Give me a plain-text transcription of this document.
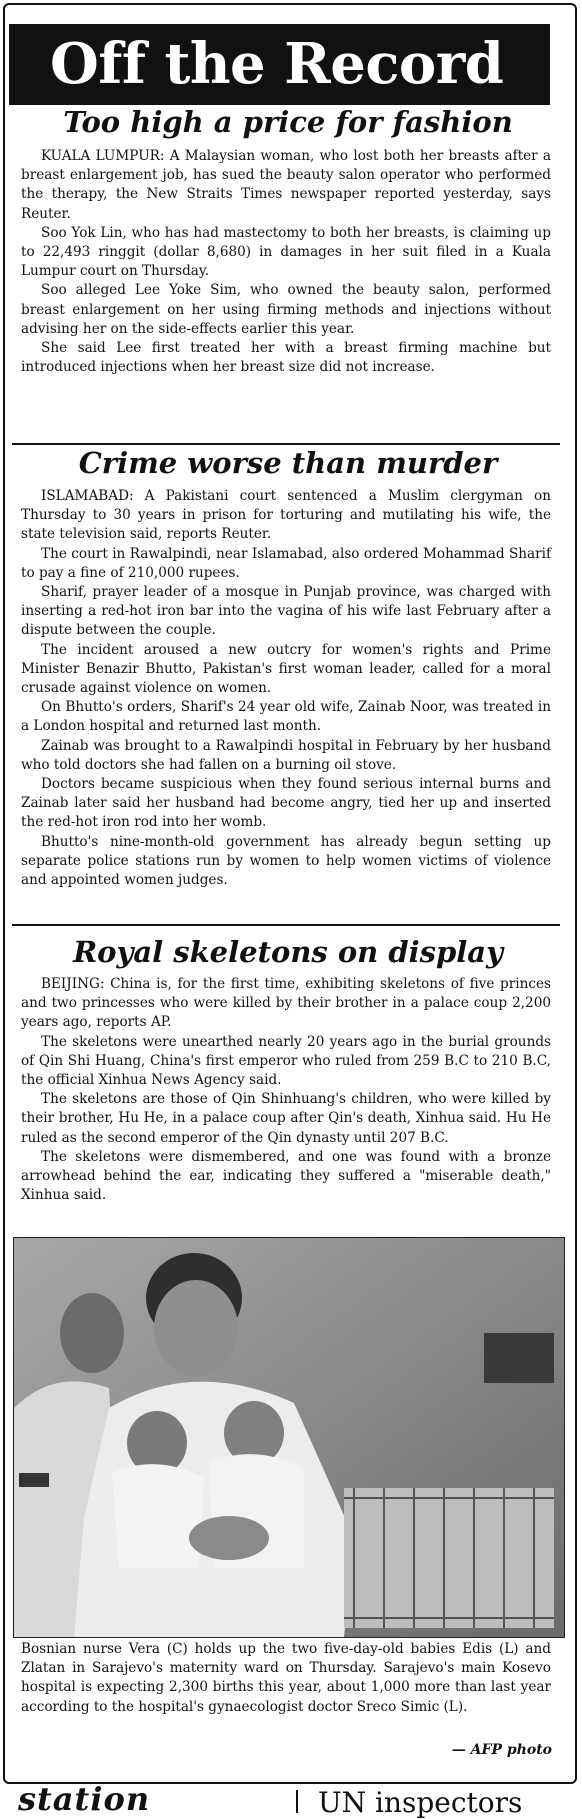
Off the Record
Too high a price for fashion

KUALA LUMPUR: A Malaysian woman, who lost both her breasts after a breast enlargement job, has sued the beauty salon operator who performed the therapy, the New Straits Times newspaper reported yesterday, says Reuter.

Soo Yok Lin, who has had mastectomy to both her breasts, is claiming up to 22,493 ringgit (dollar 8,680) in damages in her suit filed in a Kuala Lumpur court on Thursday.

Soo alleged Lee Yoke Sim, who owned the beauty salon, performed breast enlargement on her using firming methods and injections without advising her on the side-effects earlier this year.

She said Lee first treated her with a breast firming machine but introduced injections when her breast size did not increase.

Crime worse than murder

ISLAMABAD: A Pakistani court sentenced a Muslim clergyman on Thursday to 30 years in prison for torturing and mutilating his wife, the state television said, reports Reuter.

The court in Rawalpindi, near Islamabad, also ordered Mohammad Sharif to pay a fine of 210,000 rupees.

Sharif, prayer leader of a mosque in Punjab province, was charged with inserting a red-hot iron bar into the vagina of his wife last February after a dispute between the couple.

The incident aroused a new outcry for women's rights and Prime Minister Benazir Bhutto, Pakistan's first woman leader, called for a moral crusade against violence on women.

On Bhutto's orders, Sharif's 24 year old wife, Zainab Noor, was treated in a London hospital and returned last month.

Zainab was brought to a Rawalpindi hospital in February by her husband who told doctors she had fallen on a burning oil stove.

Doctors became suspicious when they found serious internal burns and Zainab later said her husband had become angry, tied her up and inserted the red-hot iron rod into her womb.

Bhutto's nine-month-old government has already begun setting up separate police stations run by women to help women victims of violence and appointed women judges.

Royal skeletons on display

BEIJING: China is, for the first time, exhibiting skeletons of five princes and two princesses who were killed by their brother in a palace coup 2,200 years ago, reports AP.

The skeletons were unearthed nearly 20 years ago in the burial grounds of Qin Shi Huang, China's first emperor who ruled from 259 B.C to 210 B.C, the official Xinhua News Agency said.

The skeletons are those of Qin Shinhuang's children, who were killed by their brother, Hu He, in a palace coup after Qin's death, Xinhua said. Hu He ruled as the second emperor of the Qin dynasty until 207 B.C.

The skeletons were dismembered, and one was found with a bronze arrowhead behind the ear, indicating they suffered a "miserable death," Xinhua said.

Bosnian nurse Vera (C) holds up the two five-day-old babies Edis (L) and Zlatan in Sarajevo's maternity ward on Thursday. Sarajevo's main Kosevo hospital is expecting 2,300 births this year, about 1,000 more than last year according to the hospital's gynaecologist doctor Sreco Simic (L).
— AFP photo
station	UN inspectors
